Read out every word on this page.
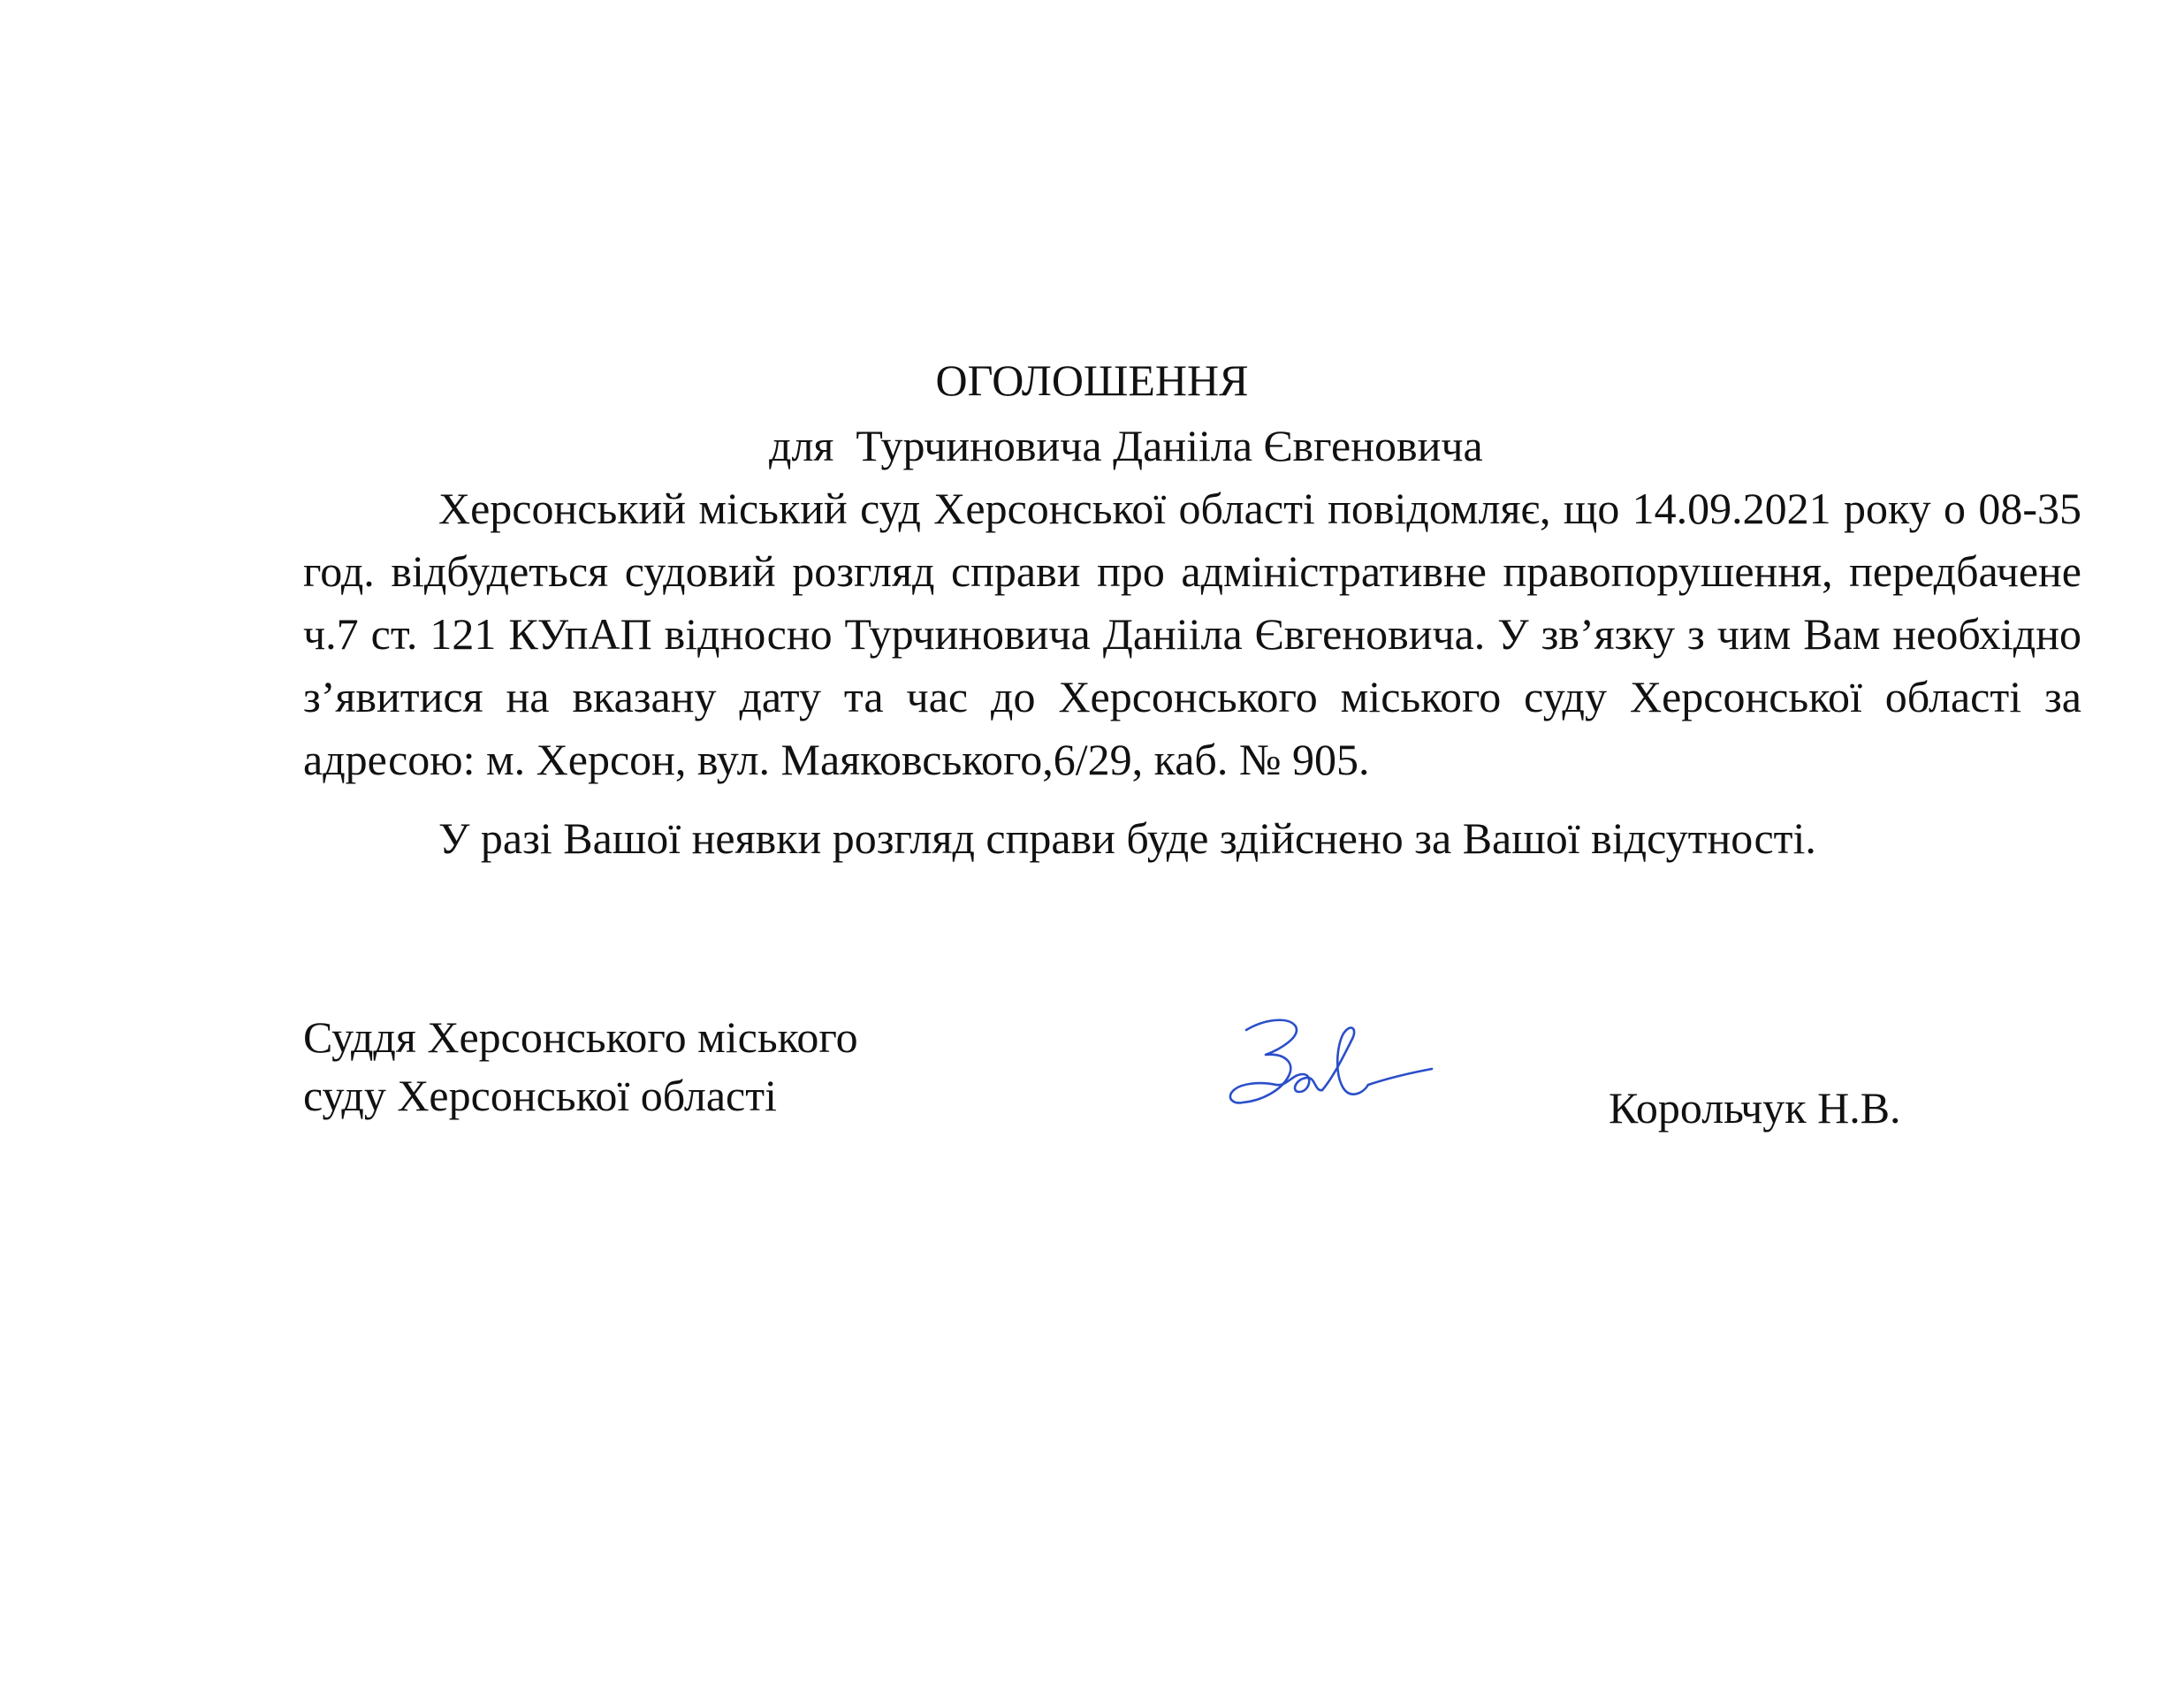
ОГОЛОШЕННЯ
для  Турчиновича Данііла Євгеновича

Херсонський міський суд Херсонської області повідомляє, що 14.09.2021 року о 08-35 год. відбудеться судовий розгляд справи про адміністративне правопорушення, передбачене ч.7 ст. 121 КУпАП відносно Турчиновича Данііла Євгеновича. У зв’язку з чим Вам необхідно з’явитися на вказану дату та час до Херсонського міського суду Херсонської області за адресою: м. Херсон, вул. Маяковського,6/29, каб. № 905.

У разі Вашої неявки розгляд справи буде здійснено за Вашої відсутності.

Суддя Херсонського міського
суду Херсонської області	Корольчук Н.В.
